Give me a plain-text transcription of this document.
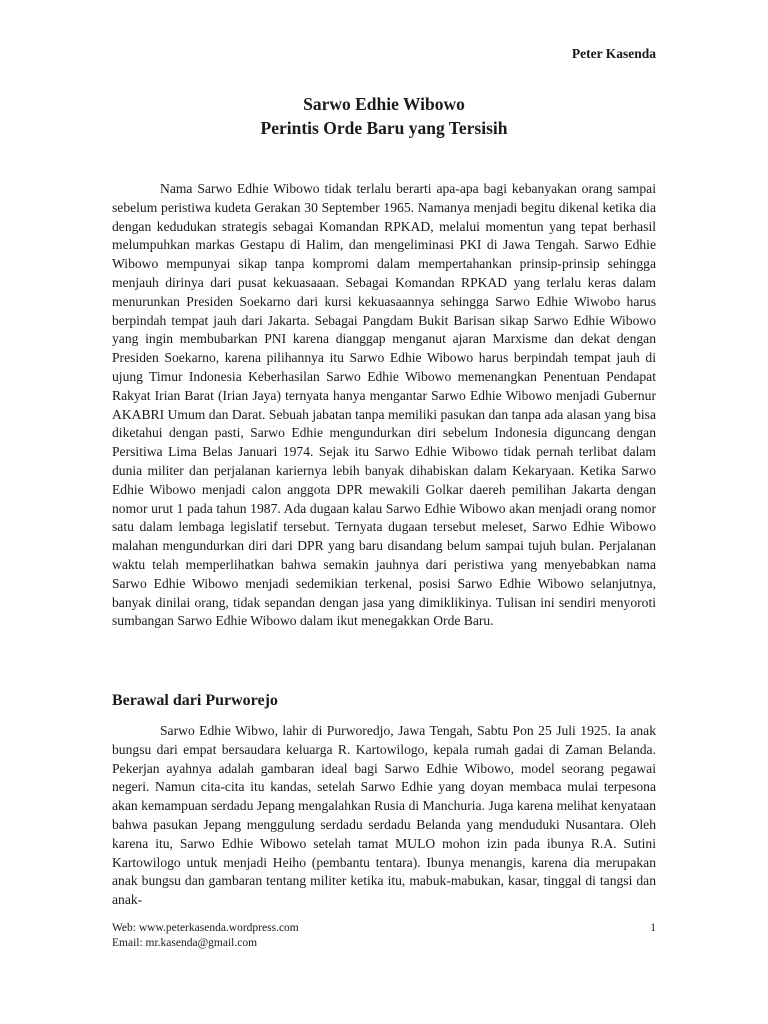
Peter Kasenda
Sarwo Edhie Wibowo
Perintis Orde Baru yang Tersisih

Nama Sarwo Edhie Wibowo tidak terlalu berarti apa-apa bagi kebanyakan orang sampai sebelum peristiwa kudeta Gerakan 30 September 1965. Namanya menjadi begitu dikenal ketika dia dengan kedudukan strategis sebagai Komandan RPKAD, melalui momentun yang tepat berhasil melumpuhkan markas Gestapu di Halim, dan mengeliminasi PKI di Jawa Tengah. Sarwo Edhie Wibowo mempunyai sikap tanpa kompromi dalam mempertahankan prinsip-prinsip sehingga menjauh dirinya dari pusat kekuasaaan. Sebagai Komandan RPKAD yang terlalu keras dalam menurunkan Presiden Soekarno dari kursi kekuasaannya sehingga Sarwo Edhie Wiwobo harus berpindah tempat jauh dari Jakarta. Sebagai Pangdam Bukit Barisan sikap Sarwo Edhie Wibowo yang ingin membubarkan PNI karena dianggap menganut ajaran Marxisme dan dekat dengan Presiden Soekarno, karena pilihannya itu Sarwo Edhie Wibowo harus berpindah tempat jauh di ujung Timur Indonesia Keberhasilan Sarwo Edhie Wibowo memenangkan Penentuan Pendapat Rakyat Irian Barat (Irian Jaya) ternyata hanya mengantar Sarwo Edhie Wibowo menjadi Gubernur AKABRI Umum dan Darat. Sebuah jabatan tanpa memiliki pasukan dan tanpa ada alasan yang bisa diketahui dengan pasti, Sarwo Edhie mengundurkan diri sebelum Indonesia diguncang dengan Persitiwa Lima Belas Januari 1974. Sejak itu Sarwo Edhie Wibowo tidak pernah terlibat dalam dunia militer dan perjalanan kariernya lebih banyak dihabiskan dalam Kekaryaan. Ketika Sarwo Edhie Wibowo menjadi calon anggota DPR mewakili Golkar daereh pemilihan Jakarta dengan nomor urut 1 pada tahun 1987. Ada dugaan kalau Sarwo Edhie Wibowo akan menjadi orang nomor satu dalam lembaga legislatif tersebut. Ternyata dugaan tersebut meleset, Sarwo Edhie Wibowo malahan mengundurkan diri dari DPR yang baru disandang belum sampai tujuh bulan. Perjalanan waktu telah memperlihatkan bahwa semakin jauhnya dari peristiwa yang menyebabkan nama Sarwo Edhie Wibowo menjadi sedemikian terkenal, posisi Sarwo Edhie Wibowo selanjutnya, banyak dinilai orang, tidak sepandan dengan jasa yang dimiklikinya. Tulisan ini sendiri menyoroti sumbangan Sarwo Edhie Wibowo dalam ikut menegakkan Orde Baru.

Berawal dari Purworejo

Sarwo Edhie Wibwo, lahir di Purworedjo, Jawa Tengah, Sabtu Pon 25 Juli 1925. Ia anak bungsu dari empat bersaudara keluarga R. Kartowilogo, kepala rumah gadai di Zaman Belanda. Pekerjan ayahnya adalah gambaran ideal bagi Sarwo Edhie Wibowo, model seorang pegawai negeri. Namun cita-cita itu kandas, setelah Sarwo Edhie yang doyan membaca mulai terpesona akan kemampuan serdadu Jepang mengalahkan Rusia di Manchuria. Juga karena melihat kenyataan bahwa pasukan Jepang menggulung serdadu serdadu Belanda yang menduduki Nusantara. Oleh karena itu, Sarwo Edhie Wibowo setelah tamat MULO mohon izin pada ibunya R.A. Sutini Kartowilogo untuk menjadi Heiho (pembantu tentara). Ibunya menangis, karena dia merupakan anak bungsu dan gambaran tentang militer ketika itu, mabuk-mabukan, kasar, tinggal di tangsi dan anak-

Web: www.peterkasenda.wordpress.com
Email: mr.kasenda@gmail.com
1
